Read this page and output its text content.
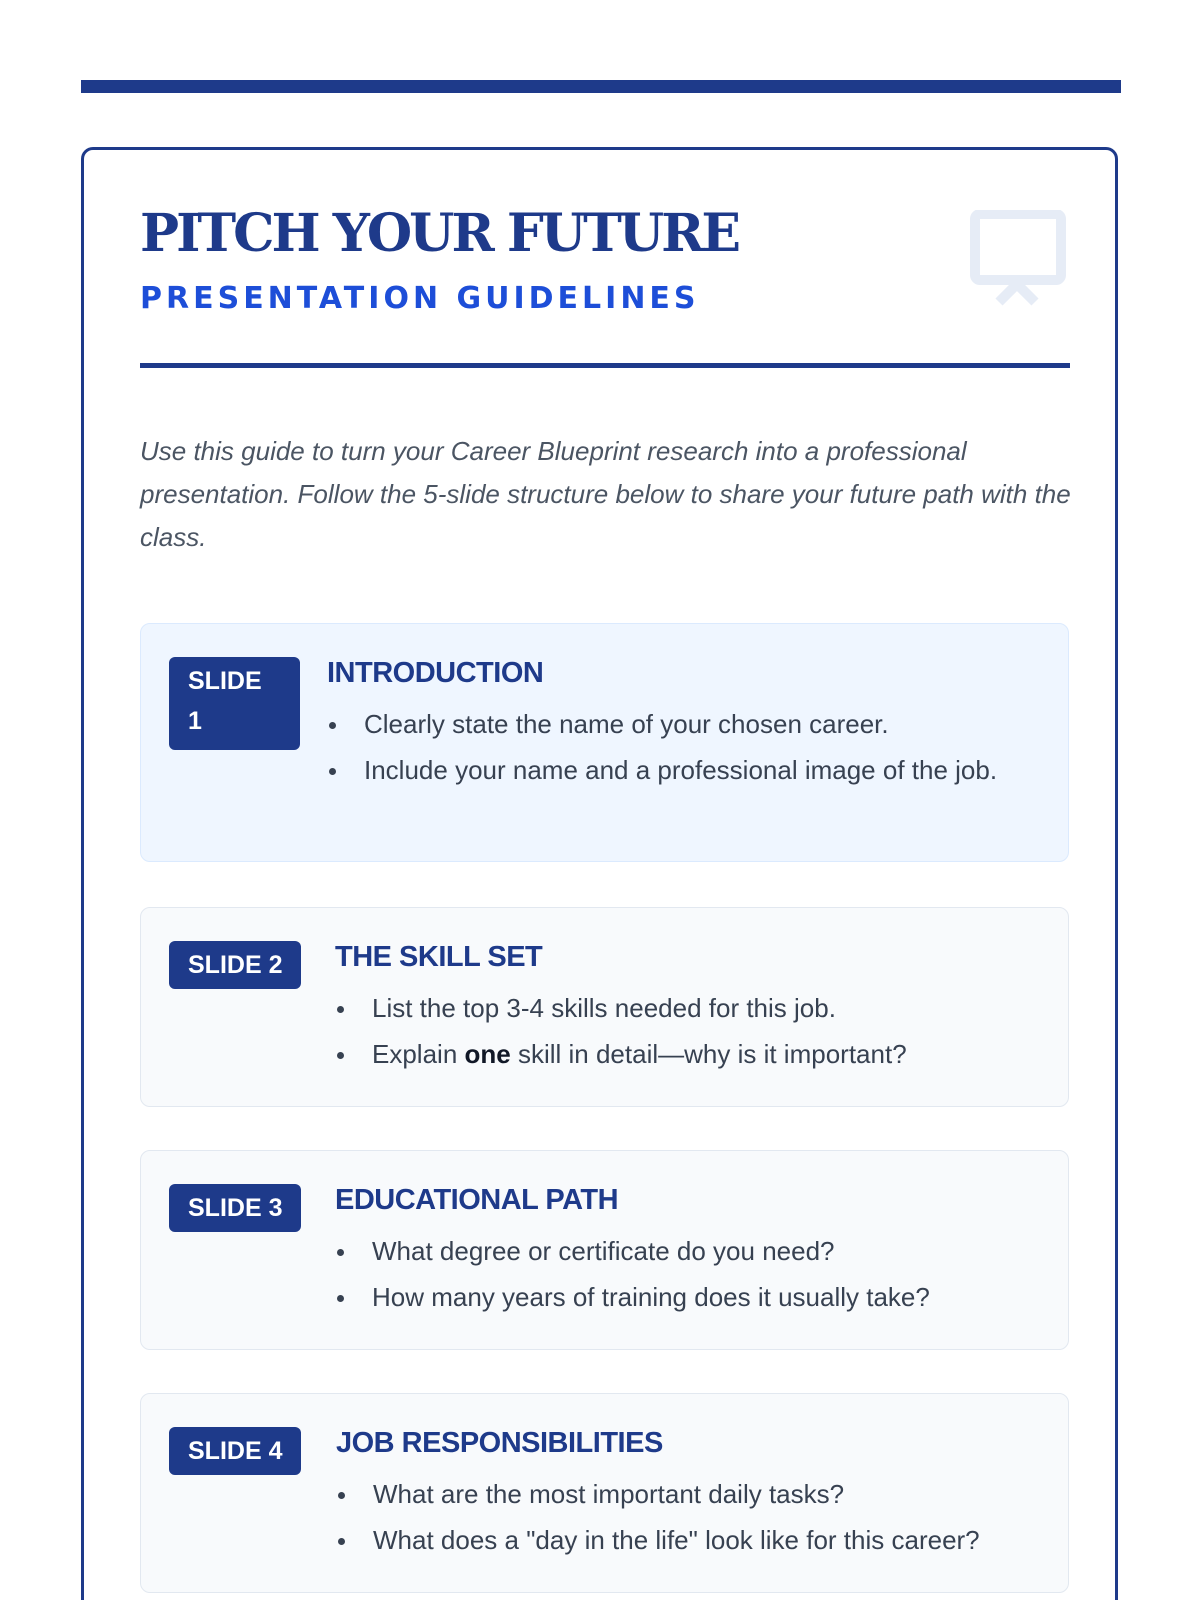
PITCH YOUR FUTURE
PRESENTATION GUIDELINES

Use this guide to turn your Career Blueprint research into a professional presentation. Follow the 5-slide structure below to share your future path with the class.

SLIDE 1
INTRODUCTION
Clearly state the name of your chosen career.
Include your name and a professional image of the job.
SLIDE 2	THE SKILL SET
List the top 3-4 skills needed for this job.
Explain one skill in detail—why is it important?
SLIDE 3	EDUCATIONAL PATH
What degree or certificate do you need?
How many years of training does it usually take?
SLIDE 4	JOB RESPONSIBILITIES
What are the most important daily tasks?
What does a "day in the life" look like for this career?
